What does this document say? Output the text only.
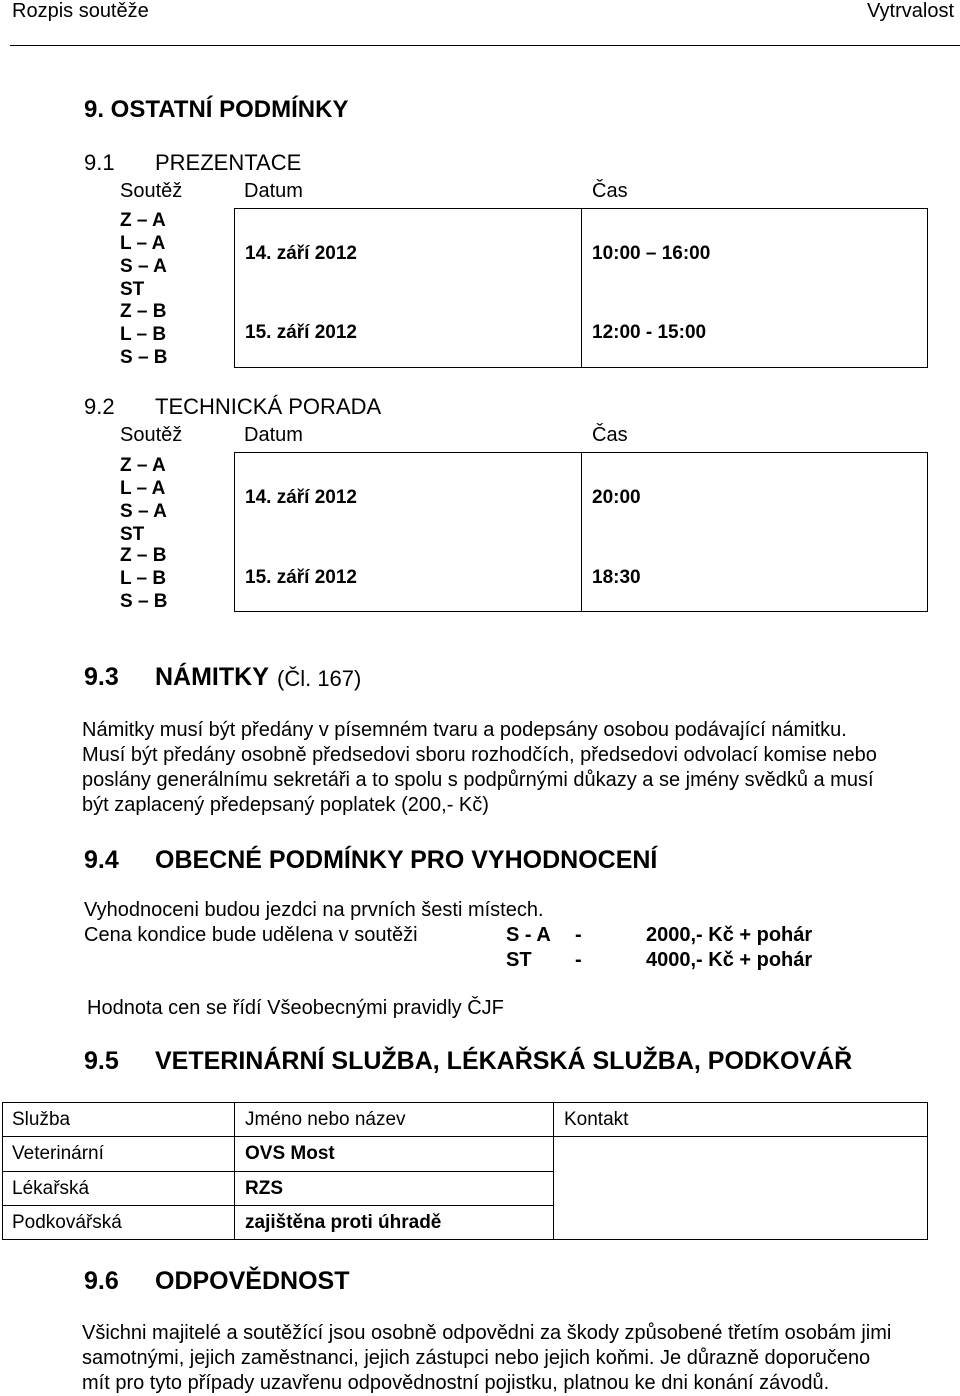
Rozpis soutěže	Vytrvalost
9. OSTATNÍ PODMÍNKY
9.1 PREZENTACE
Soutěž	Datum	Čas
Z – A
L – A
S – A
ST
Z – B
L – B
S – B
14. září 2012	10:00 – 16:00
15. září 2012	12:00 - 15:00
9.2 TECHNICKÁ PORADA
Soutěž	Datum	Čas
Z – A
L – A
S – A
ST
Z – B
L – B
S – B
14. září 2012	20:00
15. září 2012	18:30
9.3 NÁMITKY (Čl. 167)
Námitky musí být předány v písemném tvaru a podepsány osobou podávající námitku.
Musí být předány osobně předsedovi sboru rozhodčích, předsedovi odvolací komise nebo
poslány generálnímu sekretáři a to spolu s podpůrnými důkazy a se jmény svědků a musí
být zaplacený předepsaný poplatek (200,- Kč)
9.4 OBECNÉ PODMÍNKY PRO VYHODNOCENÍ
Vyhodnoceni budou jezdci na prvních šesti místech.
Cena kondice bude udělena v soutěži	S - A -	2000,- Kč + pohár
ST -	4000,- Kč + pohár
Hodnota cen se řídí Všeobecnými pravidly ČJF
9.5 VETERINÁRNÍ SLUŽBA, LÉKAŘSKÁ SLUŽBA, PODKOVÁŘ
Služba	Jméno nebo název	Kontakt
Veterinární	OVS Most
Lékařská	RZS
Podkovářská	zajištěna proti úhradě
9.6 ODPOVĚDNOST
Všichni majitelé a soutěžící jsou osobně odpovědni za škody způsobené třetím osobám jimi
samotnými, jejich zaměstnanci, jejich zástupci nebo jejich koňmi. Je důrazně doporučeno
mít pro tyto případy uzavřenu odpovědnostní pojistku, platnou ke dni konání závodů.
